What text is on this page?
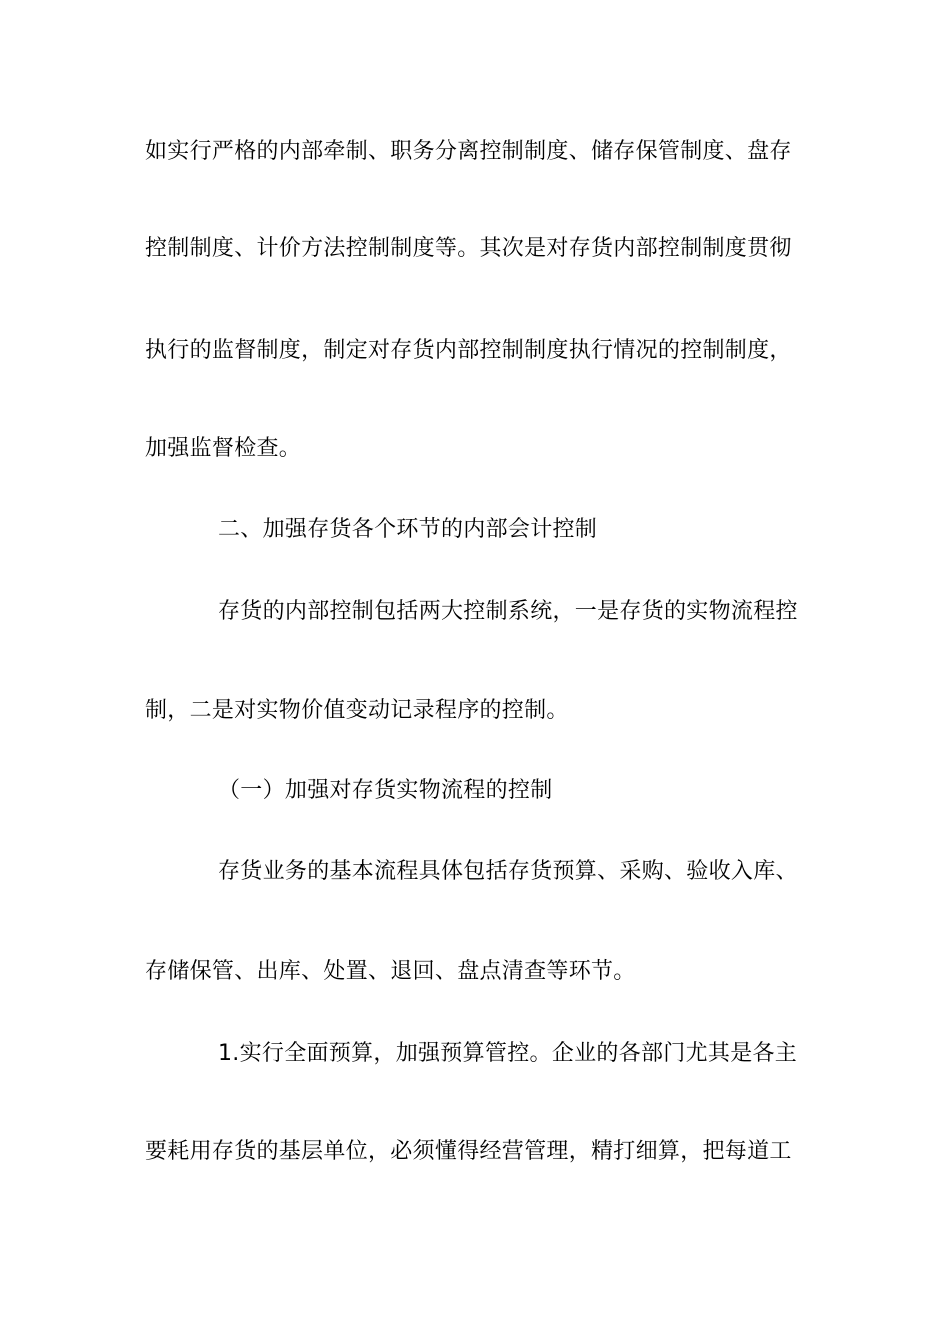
如实行严格的内部牵制、职务分离控制制度、储存保管制度、盘存
控制制度、计价方法控制制度等。其次是对存货内部控制制度贯彻
执行的监督制度，制定对存货内部控制制度执行情况的控制制度，
加强监督检查。
二、加强存货各个环节的内部会计控制
存货的内部控制包括两大控制系统，一是存货的实物流程控
制，二是对实物价值变动记录程序的控制。
（一）加强对存货实物流程的控制
存货业务的基本流程具体包括存货预算、采购、验收入库、
存储保管、出库、处置、退回、盘点清查等环节。
1.实行全面预算，加强预算管控。企业的各部门尤其是各主
要耗用存货的基层单位，必须懂得经营管理，精打细算，把每道工
